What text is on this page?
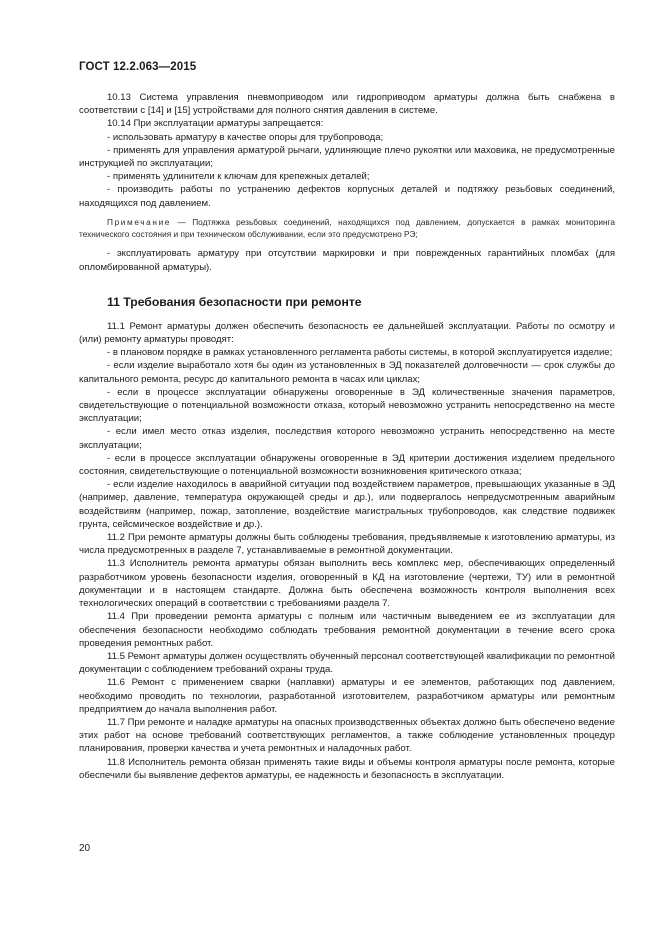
ГОСТ 12.2.063—2015

10.13 Система управления пневмоприводом или гидроприводом арматуры должна быть снабжена в соответствии с [14] и [15] устройствами для полного снятия давления в системе.

10.14 При эксплуатации арматуры запрещается:

- использовать арматуру в качестве опоры для трубопровода;

- применять для управления арматурой рычаги, удлиняющие плечо рукоятки или маховика, не предусмотренные инструкцией по эксплуатации;

- применять удлинители к ключам для крепежных деталей;

- производить работы по устранению дефектов корпусных деталей и подтяжку резьбовых соединений, находящихся под давлением.

Примечание — Подтяжка резьбовых соединений, находящихся под давлением, допускается в рамках мониторинга технического состояния и при техническом обслуживании, если это предусмотрено РЭ;

- эксплуатировать арматуру при отсутствии маркировки и при поврежденных гарантийных пломбах (для опломбированной арматуры).

11 Требования безопасности при ремонте

11.1 Ремонт арматуры должен обеспечить безопасность ее дальнейшей эксплуатации. Работы по осмотру и (или) ремонту арматуры проводят:

- в плановом порядке в рамках установленного регламента работы системы, в которой эксплуатируется изделие;

- если изделие выработало хотя бы один из установленных в ЭД показателей долговечности — срок службы до капитального ремонта, ресурс до капитального ремонта в часах или циклах;

- если в процессе эксплуатации обнаружены оговоренные в ЭД количественные значения параметров, свидетельствующие о потенциальной возможности отказа, который невозможно устранить непосредственно на месте эксплуатации;

- если имел место отказ изделия, последствия которого невозможно устранить непосредственно на месте эксплуатации;

- если в процессе эксплуатации обнаружены оговоренные в ЭД критерии достижения изделием предельного состояния, свидетельствующие о потенциальной возможности возникновения критического отказа;

- если изделие находилось в аварийной ситуации под воздействием параметров, превышающих указанные в ЭД (например, давление, температура окружающей среды и др.), или подвергалось непредусмотренным аварийным воздействиям (например, пожар, затопление, воздействие магистральных трубопроводов, как следствие подвижек грунта, сейсмическое воздействие и др.).

11.2 При ремонте арматуры должны быть соблюдены требования, предъявляемые к изготовлению арматуры, из числа предусмотренных в разделе 7, устанавливаемые в ремонтной документации.

11.3 Исполнитель ремонта арматуры обязан выполнить весь комплекс мер, обеспечивающих определенный разработчиком уровень безопасности изделия, оговоренный в КД на изготовление (чертежи, ТУ) или в ремонтной документации и в настоящем стандарте. Должна быть обеспечена возможность контроля выполнения всех технологических операций в соответствии с требованиями раздела 7.

11.4 При проведении ремонта арматуры с полным или частичным выведением ее из эксплуатации для обеспечения безопасности необходимо соблюдать требования ремонтной документации в течение всего срока проведения ремонтных работ.

11.5 Ремонт арматуры должен осуществлять обученный персонал соответствующей квалификации по ремонтной документации с соблюдением требований охраны труда.

11.6 Ремонт с применением сварки (наплавки) арматуры и ее элементов, работающих под давлением, необходимо проводить по технологии, разработанной изготовителем, разработчиком арматуры или ремонтным предприятием до начала выполнения работ.

11.7 При ремонте и наладке арматуры на опасных производственных объектах должно быть обеспечено ведение этих работ на основе требований соответствующих регламентов, а также соблюдение установленных процедур планирования, проверки качества и учета ремонтных и наладочных работ.

11.8 Исполнитель ремонта обязан применять такие виды и объемы контроля арматуры после ремонта, которые обеспечили бы выявление дефектов арматуры, ее надежность и безопасность в эксплуатации.

20
